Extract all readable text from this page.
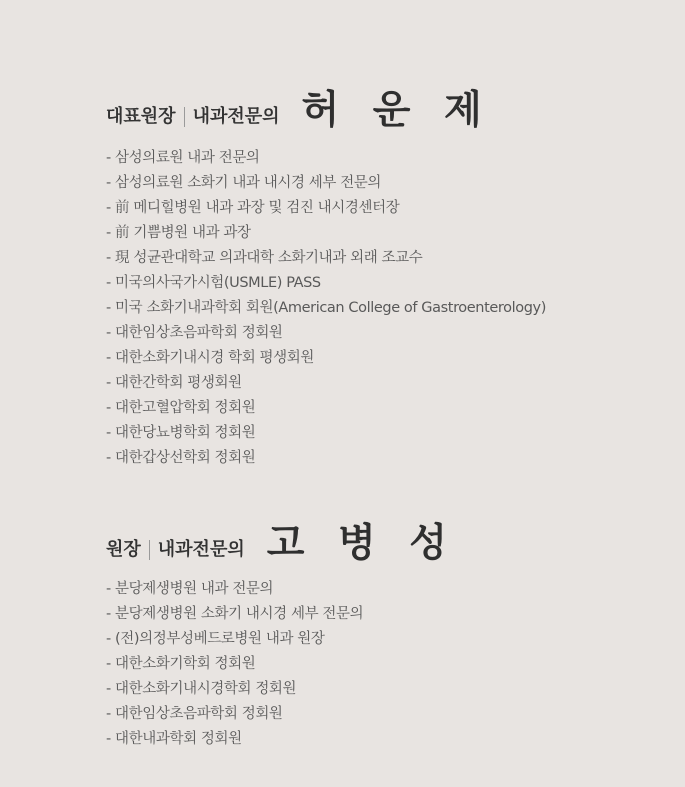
대표원장 내과전문의 허 운 제
- 삼성의료원 내과 전문의
- 삼성의료원 소화기 내과 내시경 세부 전문의
- 前 메디힐병원 내과 과장 및 검진 내시경센터장
- 前 기쁨병원 내과 과장
- 現 성균관대학교 의과대학 소화기내과 외래 조교수
- 미국의사국가시험(USMLE) PASS
- 미국 소화기내과학회 회원(American College of Gastroenterology)
- 대한임상초음파학회 정회원
- 대한소화기내시경 학회 평생회원
- 대한간학회 평생회원
- 대한고혈압학회 정회원
- 대한당뇨병학회 정회원
- 대한갑상선학회 정회원
원장 내과전문의 고 병 성
- 분당제생병원 내과 전문의
- 분당제생병원 소화기 내시경 세부 전문의
- (전)의정부성베드로병원 내과 원장
- 대한소화기학회 정회원
- 대한소화기내시경학회 정회원
- 대한임상초음파학회 정회원
- 대한내과학회 정회원
